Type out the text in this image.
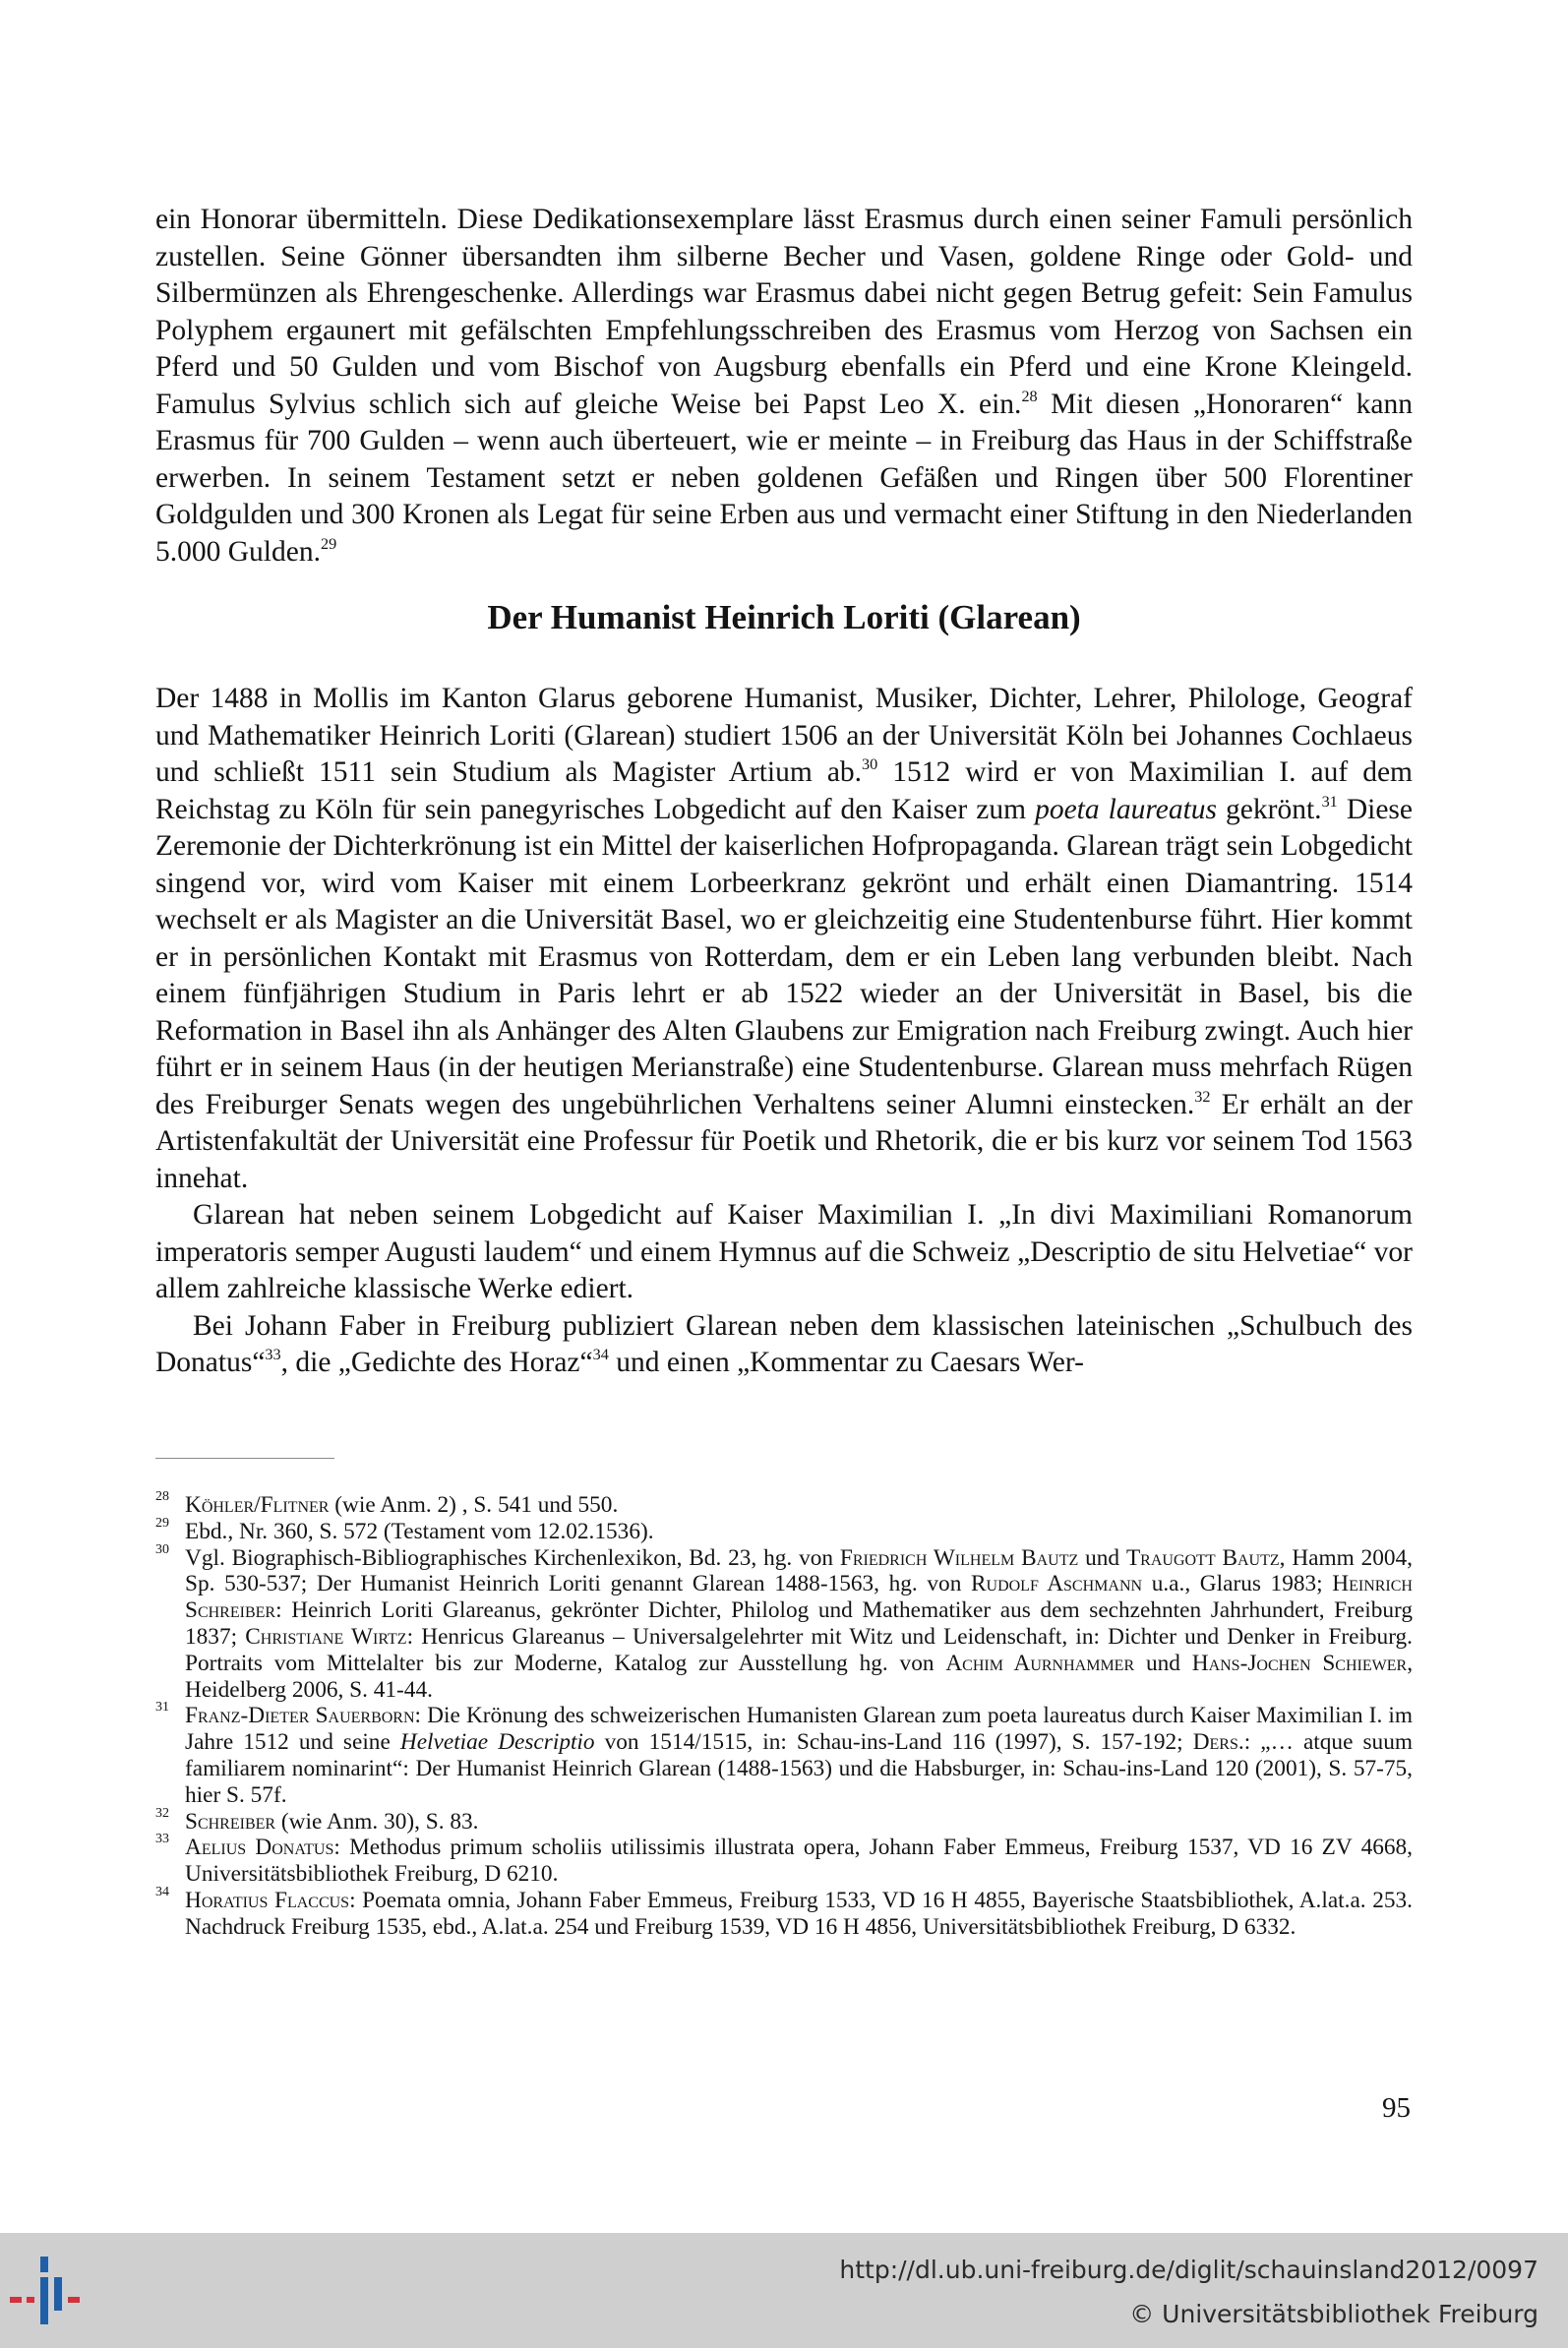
ein Honorar übermitteln. Diese Dedikationsexemplare lässt Erasmus durch einen seiner Famuli persönlich zustellen. Seine Gönner übersandten ihm silberne Becher und Vasen, goldene Ringe oder Gold- und Silbermünzen als Ehrengeschenke. Allerdings war Erasmus dabei nicht gegen Betrug gefeit: Sein Famulus Polyphem ergaunert mit gefälschten Empfehlungsschreiben des Erasmus vom Herzog von Sachsen ein Pferd und 50 Gulden und vom Bischof von Augsburg ebenfalls ein Pferd und eine Krone Kleingeld. Famulus Sylvius schlich sich auf gleiche Weise bei Papst Leo X. ein.$^{28}$ Mit diesen „Honoraren“ kann Erasmus für 700 Gulden – wenn auch überteuert, wie er meinte – in Freiburg das Haus in der Schiffstraße erwerben. In seinem Testament setzt er neben goldenen Gefäßen und Ringen über 500 Florentiner Goldgulden und 300 Kronen als Legat für seine Erben aus und vermacht einer Stiftung in den Niederlanden 5.000 Gulden.$^{29}$

Der Humanist Heinrich Loriti (Glarean)

Der 1488 in Mollis im Kanton Glarus geborene Humanist, Musiker, Dichter, Lehrer, Philologe, Geograf und Mathematiker Heinrich Loriti (Glarean) studiert 1506 an der Universität Köln bei Johannes Cochlaeus und schließt 1511 sein Studium als Magister Artium ab.$^{30}$ 1512 wird er von Maximilian I. auf dem Reichstag zu Köln für sein panegyrisches Lobgedicht auf den Kaiser zum poeta laureatus gekrönt.$^{31}$ Diese Zeremonie der Dichterkrönung ist ein Mittel der kaiserlichen Hofpropaganda. Glarean trägt sein Lobgedicht singend vor, wird vom Kaiser mit einem Lorbeerkranz gekrönt und erhält einen Diamantring. 1514 wechselt er als Magister an die Universität Basel, wo er gleichzeitig eine Studentenburse führt. Hier kommt er in persönlichen Kontakt mit Erasmus von Rotterdam, dem er ein Leben lang verbunden bleibt. Nach einem fünfjährigen Studium in Paris lehrt er ab 1522 wieder an der Universität in Basel, bis die Reformation in Basel ihn als Anhänger des Alten Glaubens zur Emigration nach Freiburg zwingt. Auch hier führt er in seinem Haus (in der heutigen Merianstraße) eine Studentenburse. Glarean muss mehrfach Rügen des Freiburger Senats wegen des ungebührlichen Verhaltens seiner Alumni einstecken.$^{32}$ Er erhält an der Artistenfakultät der Universität eine Professur für Poetik und Rhetorik, die er bis kurz vor seinem Tod 1563 innehat.

Glarean hat neben seinem Lobgedicht auf Kaiser Maximilian I. „In divi Maximiliani Romanorum imperatoris semper Augusti laudem“ und einem Hymnus auf die Schweiz „Descriptio de situ Helvetiae“ vor allem zahlreiche klassische Werke ediert.

Bei Johann Faber in Freiburg publiziert Glarean neben dem klassischen lateinischen „Schulbuch des Donatus“$^{33}$, die „Gedichte des Horaz“$^{34}$ und einen „Kommentar zu Caesars Wer-

28 Köhler/Flitner (wie Anm. 2) , S. 541 und 550.
29 Ebd., Nr. 360, S. 572 (Testament vom 12.02.1536).
30 Vgl. Biographisch-Bibliographisches Kirchenlexikon, Bd. 23, hg. von Friedrich Wilhelm Bautz und Traugott Bautz, Hamm 2004, Sp. 530-537; Der Humanist Heinrich Loriti genannt Glarean 1488-1563, hg. von Rudolf Aschmann u.a., Glarus 1983; Heinrich Schreiber: Heinrich Loriti Glareanus, gekrönter Dichter, Philolog und Mathematiker aus dem sechzehnten Jahrhundert, Freiburg 1837; Christiane Wirtz: Henricus Glareanus – Universalgelehrter mit Witz und Leidenschaft, in: Dichter und Denker in Freiburg. Portraits vom Mittelalter bis zur Moderne, Katalog zur Ausstellung hg. von Achim Aurnhammer und Hans-Jochen Schiewer, Heidelberg 2006, S. 41-44.
31 Franz-Dieter Sauerborn: Die Krönung des schweizerischen Humanisten Glarean zum poeta laureatus durch Kaiser Maximilian I. im Jahre 1512 und seine Helvetiae Descriptio von 1514/1515, in: Schau-ins-Land 116 (1997), S. 157-192; Ders.: „… atque suum familiarem nominarint“: Der Humanist Heinrich Glarean (1488-1563) und die Habsburger, in: Schau-ins-Land 120 (2001), S. 57-75, hier S. 57f.
32 Schreiber (wie Anm. 30), S. 83.
33 Aelius Donatus: Methodus primum scholiis utilissimis illustrata opera, Johann Faber Emmeus, Freiburg 1537, VD 16 ZV 4668, Universitätsbibliothek Freiburg, D 6210.
34 Horatius Flaccus: Poemata omnia, Johann Faber Emmeus, Freiburg 1533, VD 16 H 4855, Bayerische Staatsbibliothek, A.lat.a. 253. Nachdruck Freiburg 1535, ebd., A.lat.a. 254 und Freiburg 1539, VD 16 H 4856, Universitätsbibliothek Freiburg, D 6332.
95

http://dl.ub.uni-freiburg.de/diglit/schauinsland2012/0097

© Universitätsbibliothek Freiburg
